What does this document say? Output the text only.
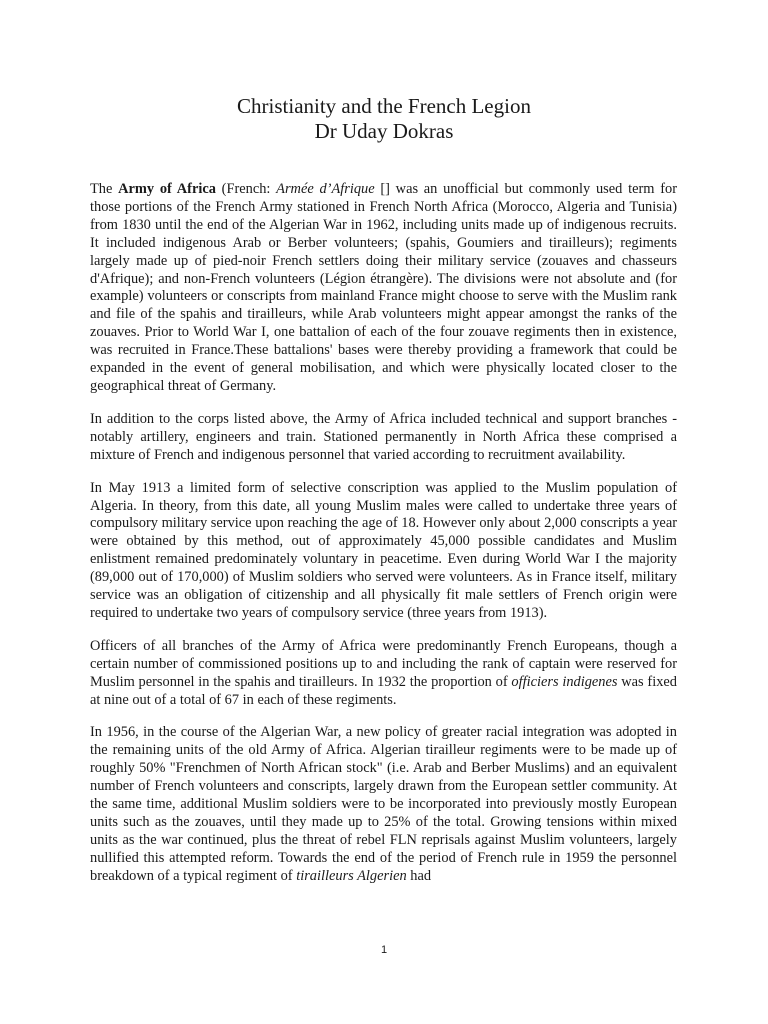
Christianity and the French Legion
Dr Uday Dokras

The Army of Africa (French: Armée d’Afrique [] was an unofficial but commonly used term for those portions of the French Army stationed in French North Africa (Morocco, Algeria and Tunisia) from 1830 until the end of the Algerian War in 1962, including units made up of indigenous recruits. It included indigenous Arab or Berber volunteers; (spahis, Goumiers and tirailleurs); regiments largely made up of pied-noir French settlers doing their military service (zouaves and chasseurs d'Afrique); and non-French volunteers (Légion étrangère). The divisions were not absolute and (for example) volunteers or conscripts from mainland France might choose to serve with the Muslim rank and file of the spahis and tirailleurs, while Arab volunteers might appear amongst the ranks of the zouaves. Prior to World War I, one battalion of each of the four zouave regiments then in existence, was recruited in France.These battalions' bases were thereby providing a framework that could be expanded in the event of general mobilisation, and which were physically located closer to the geographical threat of Germany.

In addition to the corps listed above, the Army of Africa included technical and support branches - notably artillery, engineers and train. Stationed permanently in North Africa these comprised a mixture of French and indigenous personnel that varied according to recruitment availability.

In May 1913 a limited form of selective conscription was applied to the Muslim population of Algeria. In theory, from this date, all young Muslim males were called to undertake three years of compulsory military service upon reaching the age of 18. However only about 2,000 conscripts a year were obtained by this method, out of approximately 45,000 possible candidates and Muslim enlistment remained predominately voluntary in peacetime. Even during World War I the majority (89,000 out of 170,000) of Muslim soldiers who served were volunteers. As in France itself, military service was an obligation of citizenship and all physically fit male settlers of French origin were required to undertake two years of compulsory service (three years from 1913).

Officers of all branches of the Army of Africa were predominantly French Europeans, though a certain number of commissioned positions up to and including the rank of captain were reserved for Muslim personnel in the spahis and tirailleurs. In 1932 the proportion of officiers indigenes was fixed at nine out of a total of 67 in each of these regiments.

In 1956, in the course of the Algerian War, a new policy of greater racial integration was adopted in the remaining units of the old Army of Africa. Algerian tirailleur regiments were to be made up of roughly 50% "Frenchmen of North African stock" (i.e. Arab and Berber Muslims) and an equivalent number of French volunteers and conscripts, largely drawn from the European settler community. At the same time, additional Muslim soldiers were to be incorporated into previously mostly European units such as the zouaves, until they made up to 25% of the total. Growing tensions within mixed units as the war continued, plus the threat of rebel FLN reprisals against Muslim volunteers, largely nullified this attempted reform. Towards the end of the period of French rule in 1959 the personnel breakdown of a typical regiment of tirailleurs Algerien had

1
